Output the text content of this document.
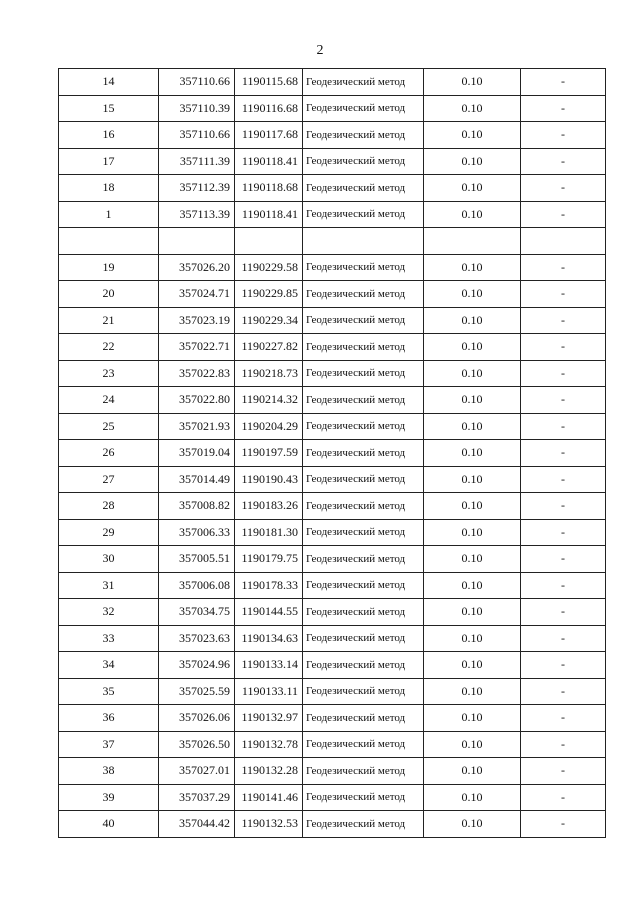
2
14	357110.66	1190115.68	Геодезический метод	0.10	-
15	357110.39	1190116.68	Геодезический метод	0.10	-
16	357110.66	1190117.68	Геодезический метод	0.10	-
17	357111.39	1190118.41	Геодезический метод	0.10	-
18	357112.39	1190118.68	Геодезический метод	0.10	-
1	357113.39	1190118.41	Геодезический метод	0.10	-

19	357026.20	1190229.58	Геодезический метод	0.10	-
20	357024.71	1190229.85	Геодезический метод	0.10	-
21	357023.19	1190229.34	Геодезический метод	0.10	-
22	357022.71	1190227.82	Геодезический метод	0.10	-
23	357022.83	1190218.73	Геодезический метод	0.10	-
24	357022.80	1190214.32	Геодезический метод	0.10	-
25	357021.93	1190204.29	Геодезический метод	0.10	-
26	357019.04	1190197.59	Геодезический метод	0.10	-
27	357014.49	1190190.43	Геодезический метод	0.10	-
28	357008.82	1190183.26	Геодезический метод	0.10	-
29	357006.33	1190181.30	Геодезический метод	0.10	-
30	357005.51	1190179.75	Геодезический метод	0.10	-
31	357006.08	1190178.33	Геодезический метод	0.10	-
32	357034.75	1190144.55	Геодезический метод	0.10	-
33	357023.63	1190134.63	Геодезический метод	0.10	-
34	357024.96	1190133.14	Геодезический метод	0.10	-
35	357025.59	1190133.11	Геодезический метод	0.10	-
36	357026.06	1190132.97	Геодезический метод	0.10	-
37	357026.50	1190132.78	Геодезический метод	0.10	-
38	357027.01	1190132.28	Геодезический метод	0.10	-
39	357037.29	1190141.46	Геодезический метод	0.10	-
40	357044.42	1190132.53	Геодезический метод	0.10	-
